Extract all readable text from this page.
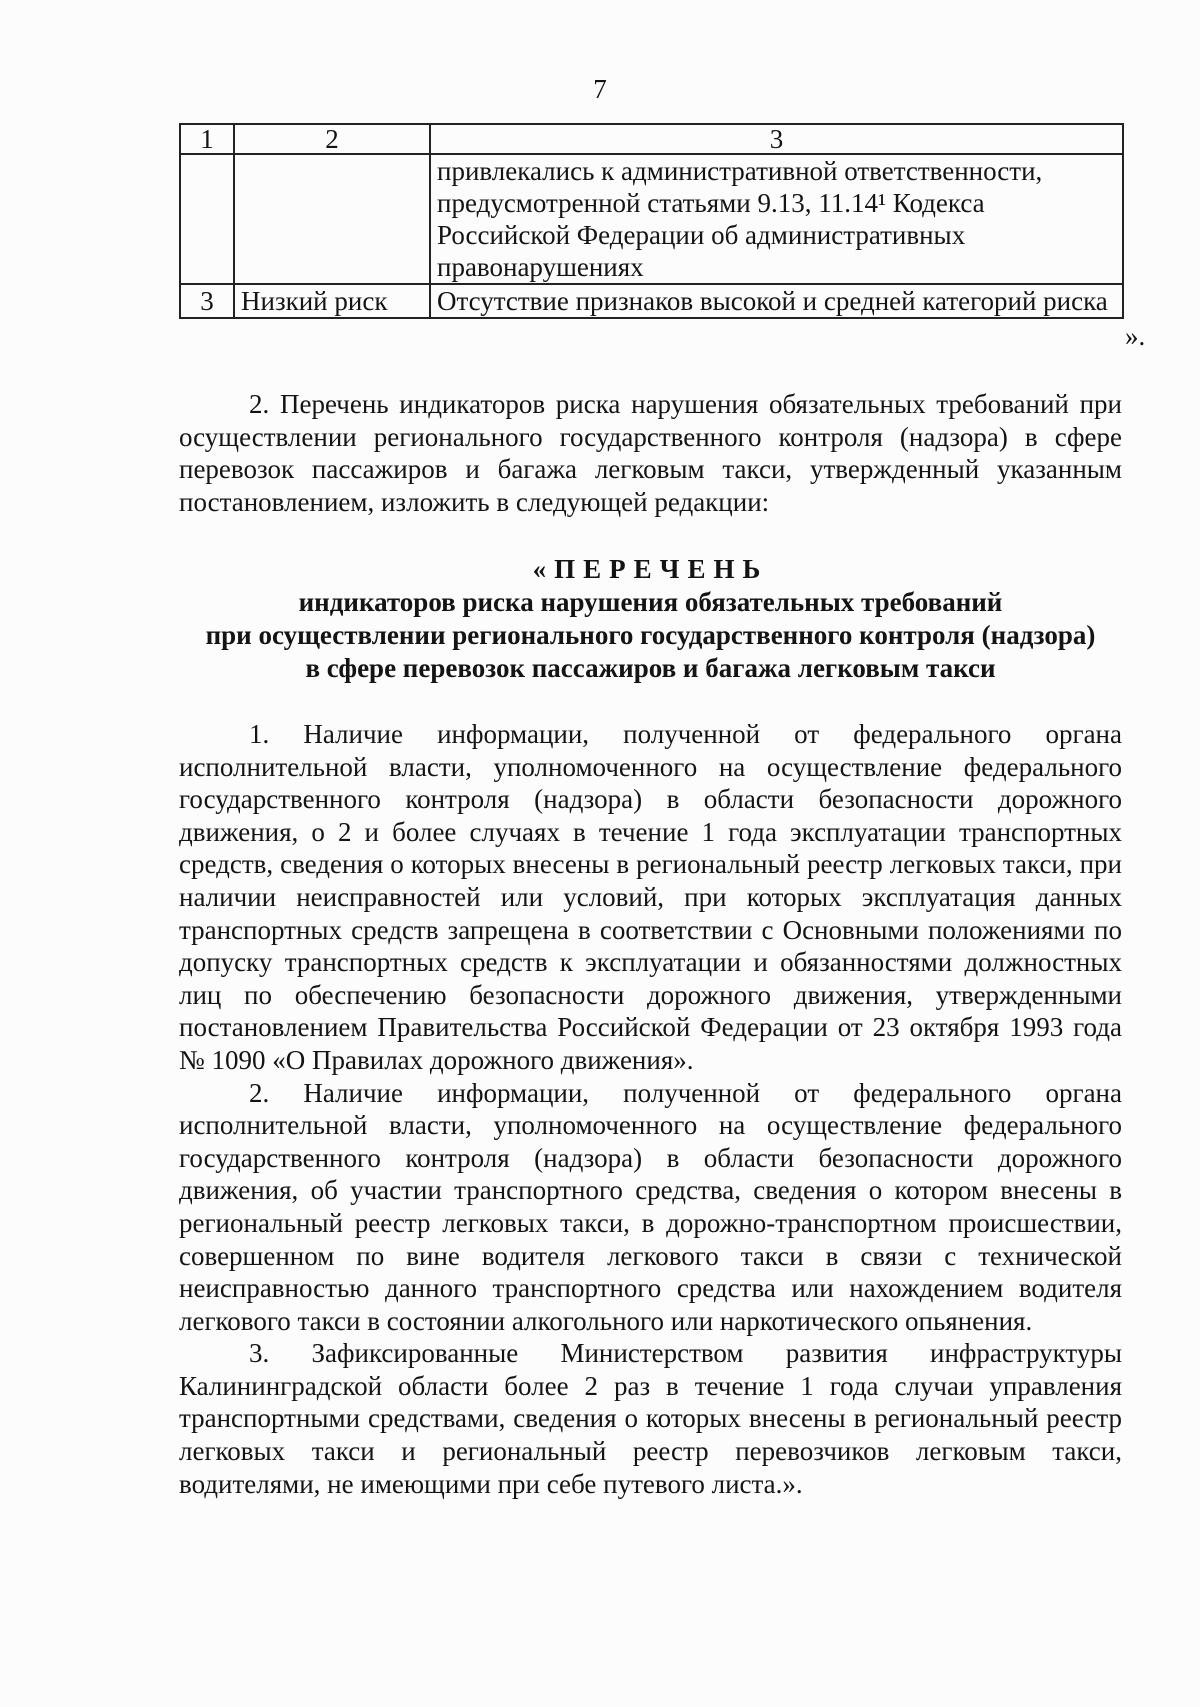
7
1	2	3
		привлекались к административной ответственности, предусмотренной статьями 9.13, 11.14¹ Кодекса Российской Федерации об административных правонарушениях
3	Низкий риск	Отсутствие признаков высокой и средней категорий риска
».

2. Перечень индикаторов риска нарушения обязательных требований при осуществлении регионального государственного контроля (надзора) в сфере перевозок пассажиров и багажа легковым такси, утвержденный указанным постановлением, изложить в следующей редакции:

«ПЕРЕЧЕНЬ
индикаторов риска нарушения обязательных требований
при осуществлении регионального государственного контроля (надзора)
в сфере перевозок пассажиров и багажа легковым такси

1. Наличие информации, полученной от федерального органа исполнительной власти, уполномоченного на осуществление федерального государственного контроля (надзора) в области безопасности дорожного движения, о 2 и более случаях в течение 1 года эксплуатации транспортных средств, сведения о которых внесены в региональный реестр легковых такси, при наличии неисправностей или условий, при которых эксплуатация данных транспортных средств запрещена в соответствии с Основными положениями по допуску транспортных средств к эксплуатации и обязанностями должностных лиц по обеспечению безопасности дорожного движения, утвержденными постановлением Правительства Российской Федерации от 23 октября 1993 года № 1090 «О Правилах дорожного движения».

2. Наличие информации, полученной от федерального органа исполнительной власти, уполномоченного на осуществление федерального государственного контроля (надзора) в области безопасности дорожного движения, об участии транспортного средства, сведения о котором внесены в региональный реестр легковых такси, в дорожно-транспортном происшествии, совершенном по вине водителя легкового такси в связи с технической неисправностью данного транспортного средства или нахождением водителя легкового такси в состоянии алкогольного или наркотического опьянения.

3. Зафиксированные Министерством развития инфраструктуры Калининградской области более 2 раз в течение 1 года случаи управления транспортными средствами, сведения о которых внесены в региональный реестр легковых такси и региональный реестр перевозчиков легковым такси, водителями, не имеющими при себе путевого листа.».
